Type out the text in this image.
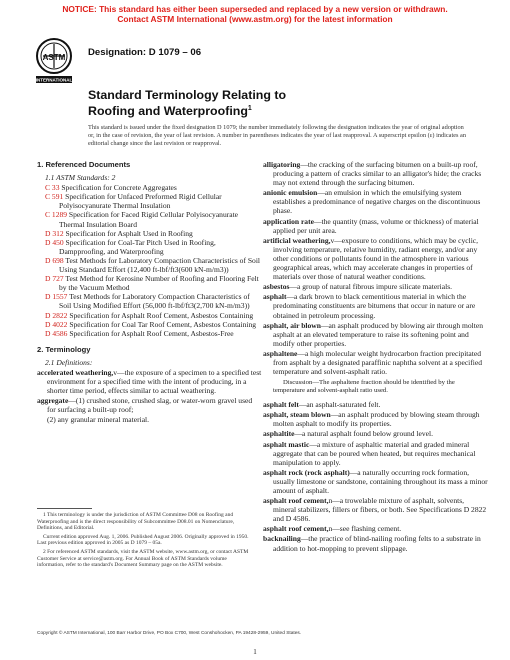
NOTICE: This standard has either been superseded and replaced by a new version or withdrawn.
Contact ASTM International (www.astm.org) for the latest information
ASTM
INTERNATIONAL
Designation: D 1079 – 06
Standard Terminology Relating to
Roofing and Waterproofing$^1$
This standard is issued under the fixed designation D 1079; the number immediately following the designation indicates the year of original adoption or, in the case of revision, the year of last revision. A number in parentheses indicates the year of last reapproval. A superscript epsilon (ε) indicates an editorial change since the last revision or reapproval.

1. Referenced Documents

1.1 ASTM Standards: 2

C 33 Specification for Concrete Aggregates

C 591 Specification for Unfaced Preformed Rigid Cellular Polyisocyanurate Thermal Insulation

C 1289 Specification for Faced Rigid Cellular Polyisocyanurate Thermal Insulation Board

D 312 Specification for Asphalt Used in Roofing

D 450 Specification for Coal-Tar Pitch Used in Roofing, Dampproofing, and Waterproofing

D 698 Test Methods for Laboratory Compaction Characteristics of Soil Using Standard Effort (12,400 ft-lbf/ft3(600 kN-m/m3))

D 727 Test Method for Kerosine Number of Roofing and Flooring Felt by the Vacuum Method

D 1557 Test Methods for Laboratory Compaction Characteristics of Soil Using Modified Effort (56,000 ft-lbf/ft3(2,700 kN-m/m3))

D 2822 Specification for Asphalt Roof Cement, Asbestos Containing

D 4022 Specification for Coal Tar Roof Cement, Asbestos Containing

D 4586 Specification for Asphalt Roof Cement, Asbestos-Free

2. Terminology

2.1 Definitions:

accelerated weathering,v—the exposure of a specimen to a specified test environment for a specified time with the intent of producing, in a shorter time period, effects similar to actual weathering.

aggregate—(1) crushed stone, crushed slag, or water-worn gravel used for surfacing a built-up roof;

(2) any granular mineral material.

alligatoring—the cracking of the surfacing bitumen on a built-up roof, producing a pattern of cracks similar to an alligator's hide; the cracks may not extend through the surfacing bitumen.

anionic emulsion—an emulsion in which the emulsifying system establishes a predominance of negative charges on the discontinuous phase.

application rate—the quantity (mass, volume or thickness) of material applied per unit area.

artificial weathering,v—exposure to conditions, which may be cyclic, involving temperature, relative humidity, radiant energy, and/or any other conditions or pollutants found in the atmosphere in various geographical areas, which may accelerate changes in properties of materials over those of natural weather conditions.

asbestos—a group of natural fibrous impure silicate materials.

asphalt—a dark brown to black cementitious material in which the predominating constituents are bitumens that occur in nature or are obtained in petroleum processing.

asphalt, air blown—an asphalt produced by blowing air through molten asphalt at an elevated temperature to raise its softening point and modify other properties.

asphaltene—a high molecular weight hydrocarbon fraction precipitated from asphalt by a designated paraffinic naphtha solvent at a specified temperature and solvent-asphalt ratio.

Discussion—The asphaltene fraction should be identified by the temperature and solvent-asphalt ratio used.

asphalt felt—an asphalt-saturated felt.

asphalt, steam blown—an asphalt produced by blowing steam through molten asphalt to modify its properties.

asphaltite—a natural asphalt found below ground level.

asphalt mastic—a mixture of asphaltic material and graded mineral aggregate that can be poured when heated, but requires mechanical manipulation to apply.

asphalt rock (rock asphalt)—a naturally occurring rock formation, usually limestone or sandstone, containing throughout its mass a minor amount of asphalt.

asphalt roof cement,n—a trowelable mixture of asphalt, solvents, mineral stabilizers, fillers or fibers, or both. See Specifications D 2822 and D 4586.

asphalt roof cement,n—see flashing cement.

backnailing—the practice of blind-nailing roofing felts to a substrate in addition to hot-mopping to prevent slippage.

1 This terminology is under the jurisdiction of ASTM Committee D08 on Roofing and Waterproofing and is the direct responsibility of Subcommittee D08.01 on Nomenclature, Definitions, and Editorial.

Current edition approved Aug. 1, 2006. Published August 2006. Originally approved in 1950. Last previous edition approved in 2005 as D 1079 – 05a.

2 For referenced ASTM standards, visit the ASTM website, www.astm.org, or contact ASTM Customer Service at service@astm.org. For Annual Book of ASTM Standards volume information, refer to the standard's Document Summary page on the ASTM website.

Copyright © ASTM International, 100 Barr Harbor Drive, PO Box C700, West Conshohocken, PA 19428-2959, United States.
1
